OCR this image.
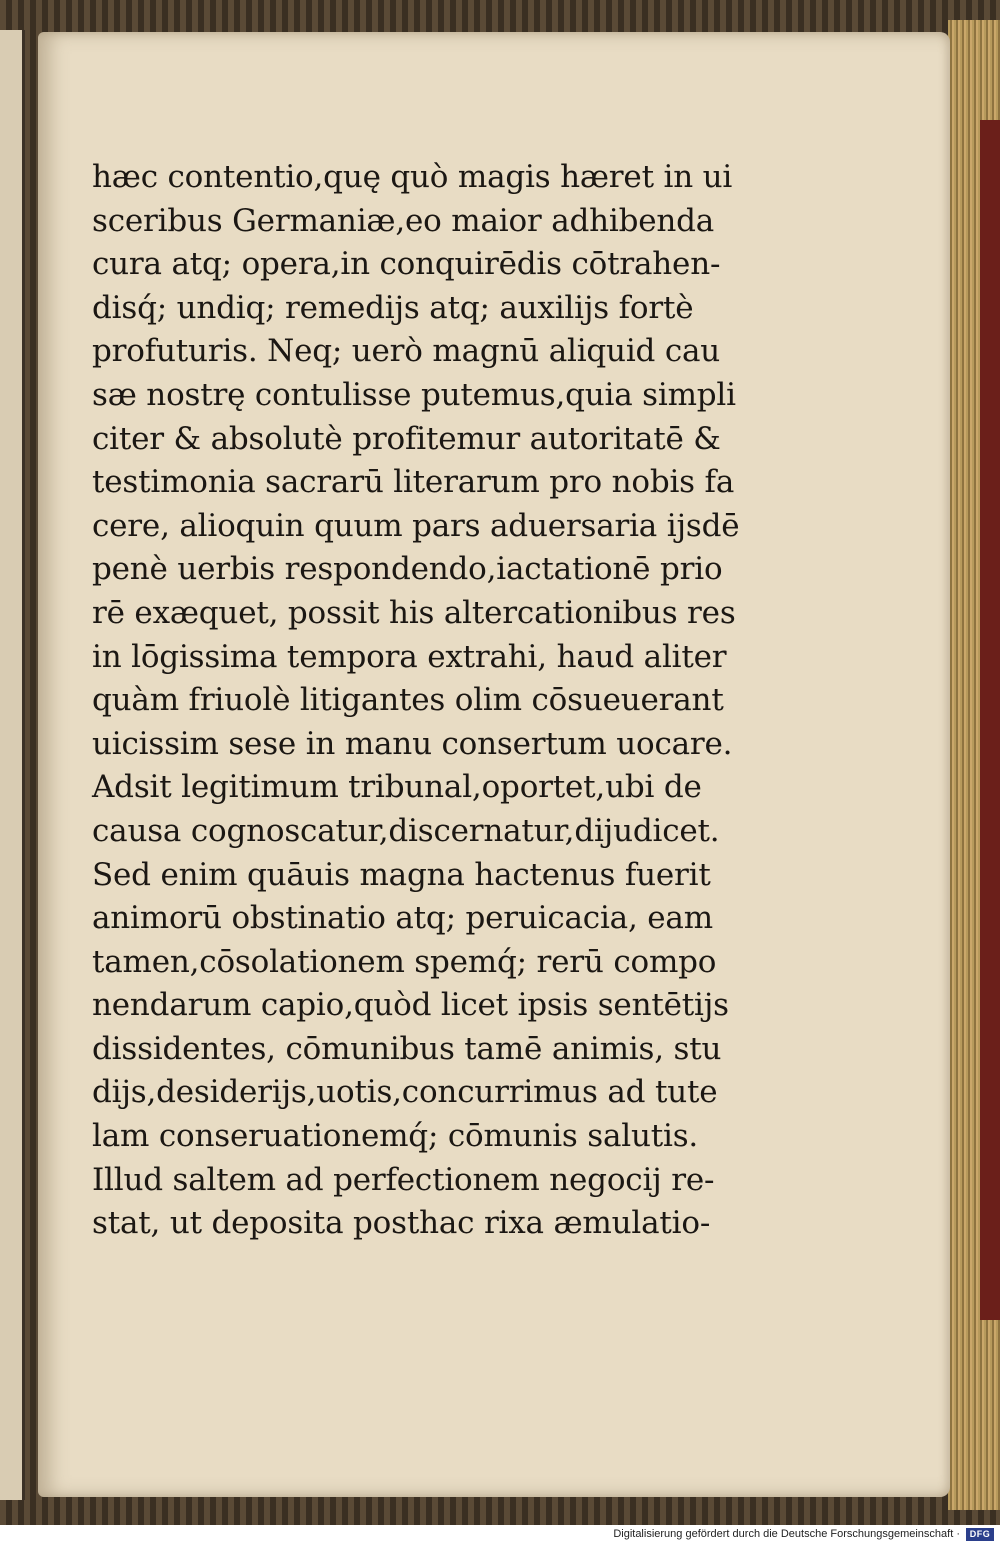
hæc contentio,quę quò magis hæret in ui
sceribus Germaniæ,eo maior adhibenda
cura atq; opera,in conquirēdis cōtrahen-
disq́; undiq; remedijs atq; auxilijs fortè
profuturis. Neq; uerò magnū aliquid cau
sæ nostrę contulisse putemus,quia simpli
citer & absolutè profitemur autoritatē &
testimonia sacrarū literarum pro nobis fa
cere, alioquin quum pars aduersaria ijsdē
penè uerbis respondendo,iactationē prio
rē exæquet, possit his altercationibus res
in lōgissima tempora extrahi, haud aliter
quàm friuolè litigantes olim cōsueuerant
uicissim sese in manu consertum uocare.
Adsit legitimum tribunal,oportet,ubi de
causa cognoscatur,discernatur,dijudicet.
Sed enim quāuis magna hactenus fuerit
animorū obstinatio atq; peruicacia, eam
tamen,cōsolationem spemq́; rerū compo
nendarum capio,quòd licet ipsis sentētijs
dissidentes, cōmunibus tamē animis, stu
dijs,desiderijs,uotis,concurrimus ad tute
lam conseruationemq́; cōmunis salutis.
Illud saltem ad perfectionem negocij re-
stat, ut deposita posthac rixa æmulatio-
Digitalisierung gefördert durch die Deutsche Forschungsgemeinschaft ·	DFG
